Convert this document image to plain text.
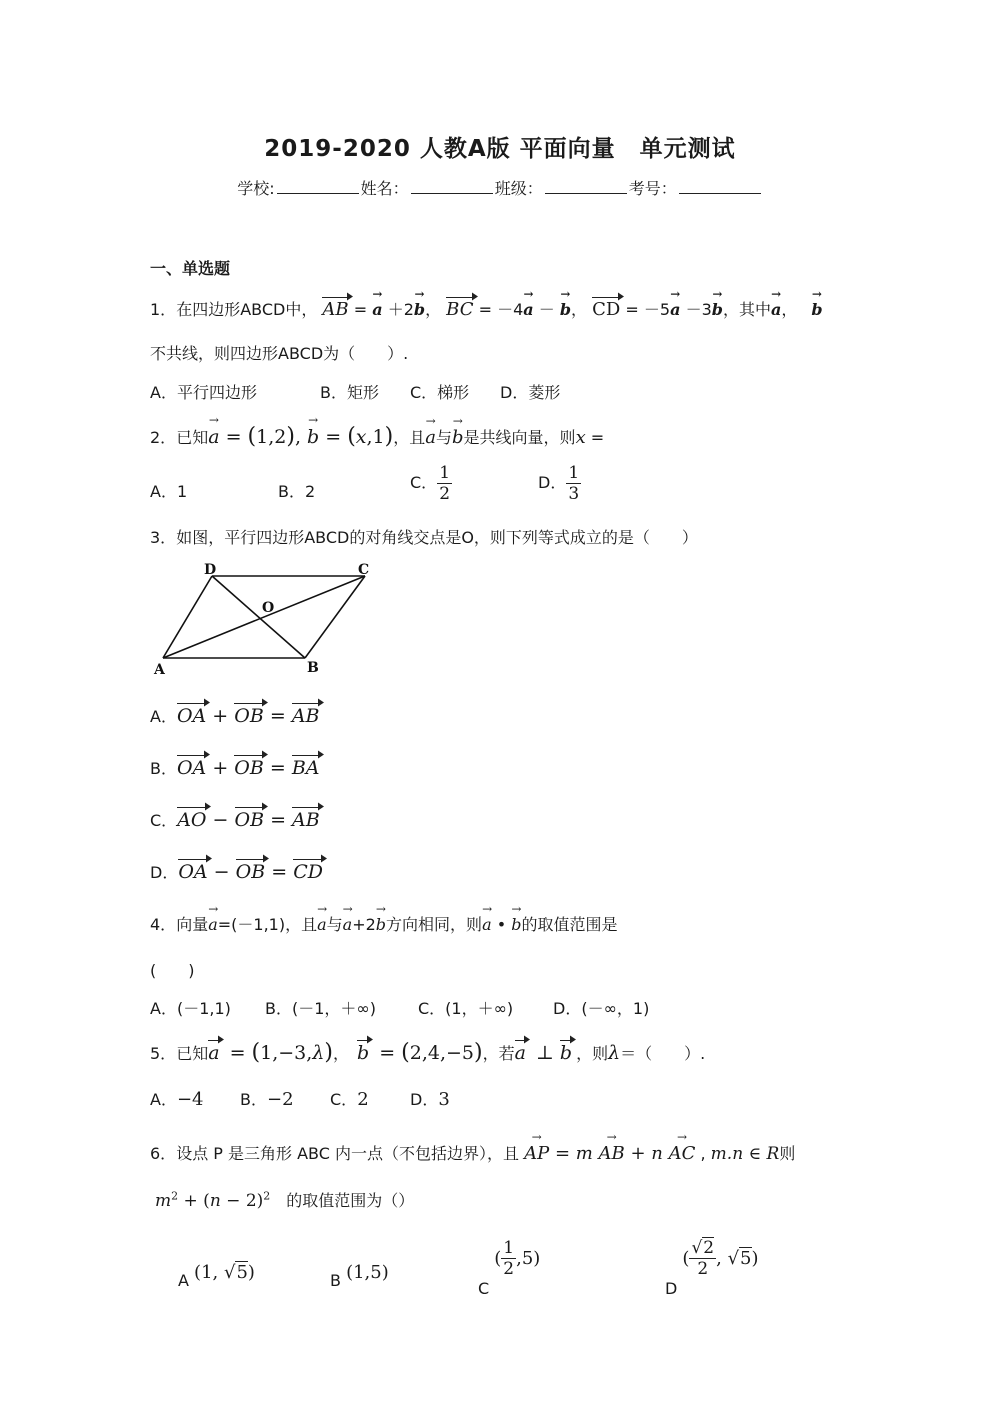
2019-2020 人教A版 平面向量　单元测试
学校:	姓名：	班级：	考号：
一、单选题
1．在四边形ABCD中， AB = a → ＋2b →， BC = －4a → － b →， CD = －5a → －3b →，其中a →， b →
不共线，则四边形ABCD为（　　）.
A．平行四边形	B．矩形 C．梯形 D．菱形
2．已知a → = (1,2), b → = (x,1)，且a →与b →是共线向量，则x =
A．1	B．2	C． $\frac{1}{2}$	D． $\frac{1}{3}$
3．如图，平行四边形ABCD的对角线交点是O，则下列等式成立的是（　　）
D	C
O
A	B
A．OA + OB = AB
B．OA + OB = BA
C．AO − OB = AB
D．OA − OB = CD
4．向量a →=(－1,1)，且a →与a →+2b →方向相同，则a → • b →的取值范围是
(　　)
A．(－1,1) B．(－1，＋∞)	C．(1，＋∞) D．(－∞，1)
5．已知a = (1,−3,λ)，　 b = (2,4,−5)，若a ⊥ b ，则λ＝（　　）.
A．−4 B．−2 C．2	D．3
6．设点 P 是三角形 ABC 内一点（不包括边界），且 AP → = m AB → + n AC → , m.n ∈ R则
$m^2 + (n - 2)^2$　 的取值范围为（）
A (1, √5)	B (1,5)
C ( $\frac{1}{2} ,5$)
D ( $\frac{√2}{2}$ , √5)
